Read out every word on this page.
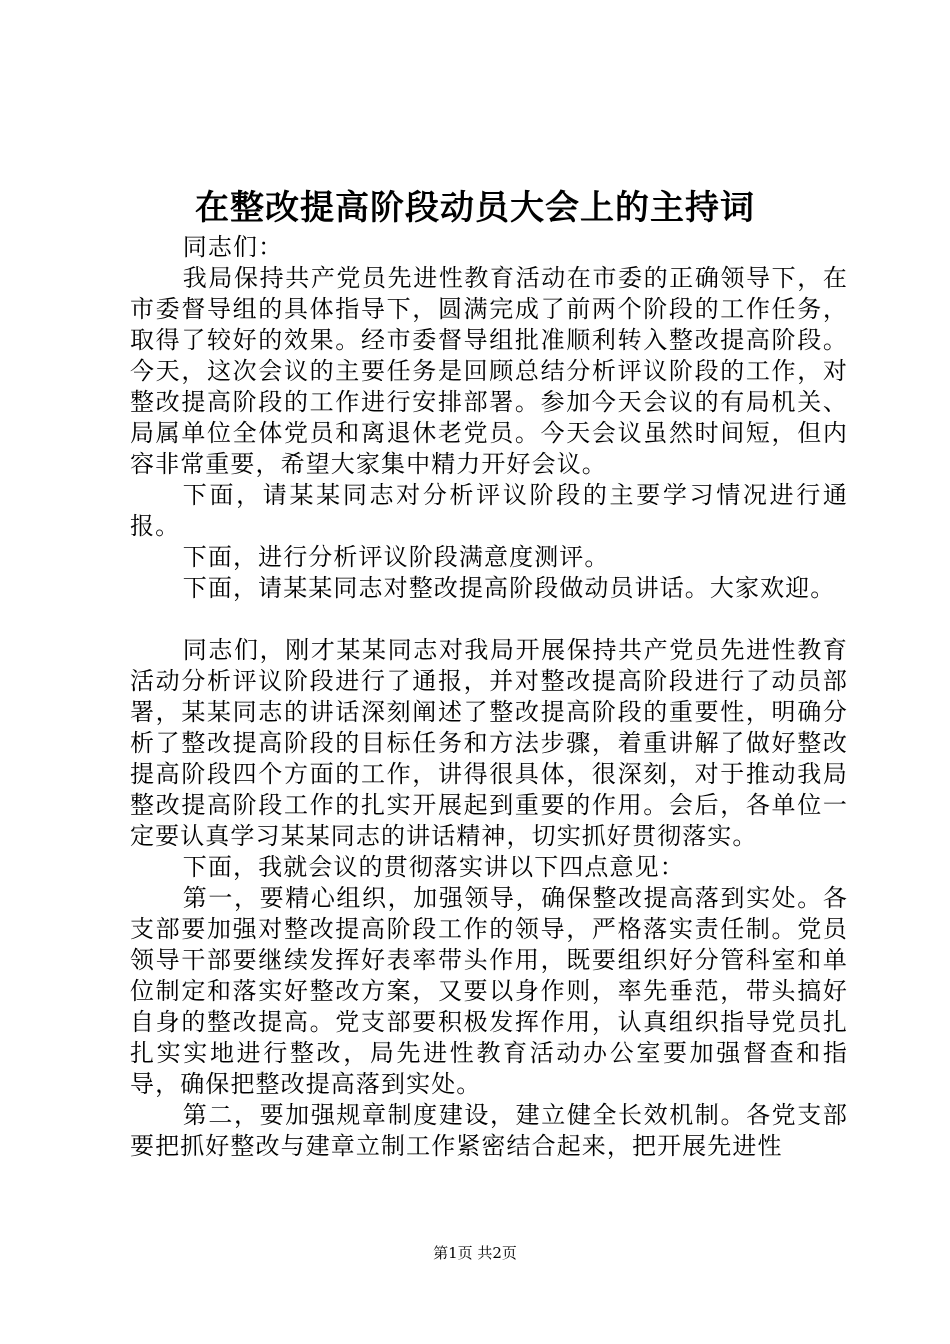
在整改提高阶段动员大会上的主持词

同志们：

我局保持共产党员先进性教育活动在市委的正确领导下，在市委督导组的具体指导下，圆满完成了前两个阶段的工作任务，取得了较好的效果。经市委督导组批准顺利转入整改提高阶段。今天，这次会议的主要任务是回顾总结分析评议阶段的工作，对整改提高阶段的工作进行安排部署。参加今天会议的有局机关、局属单位全体党员和离退休老党员。今天会议虽然时间短，但内容非常重要，希望大家集中精力开好会议。

下面，请某某同志对分析评议阶段的主要学习情况进行通报。

下面，进行分析评议阶段满意度测评。

下面，请某某同志对整改提高阶段做动员讲话。大家欢迎。

同志们，刚才某某同志对我局开展保持共产党员先进性教育活动分析评议阶段进行了通报，并对整改提高阶段进行了动员部署，某某同志的讲话深刻阐述了整改提高阶段的重要性，明确分析了整改提高阶段的目标任务和方法步骤，着重讲解了做好整改提高阶段四个方面的工作，讲得很具体，很深刻，对于推动我局整改提高阶段工作的扎实开展起到重要的作用。会后，各单位一定要认真学习某某同志的讲话精神，切实抓好贯彻落实。

下面，我就会议的贯彻落实讲以下四点意见：

第一，要精心组织，加强领导，确保整改提高落到实处。各支部要加强对整改提高阶段工作的领导，严格落实责任制。党员领导干部要继续发挥好表率带头作用，既要组织好分管科室和单位制定和落实好整改方案，又要以身作则，率先垂范，带头搞好自身的整改提高。党支部要积极发挥作用，认真组织指导党员扎扎实实地进行整改，局先进性教育活动办公室要加强督查和指导，确保把整改提高落到实处。

第二，要加强规章制度建设，建立健全长效机制。各党支部要把抓好整改与建章立制工作紧密结合起来，把开展先进性

第1页 共2页
